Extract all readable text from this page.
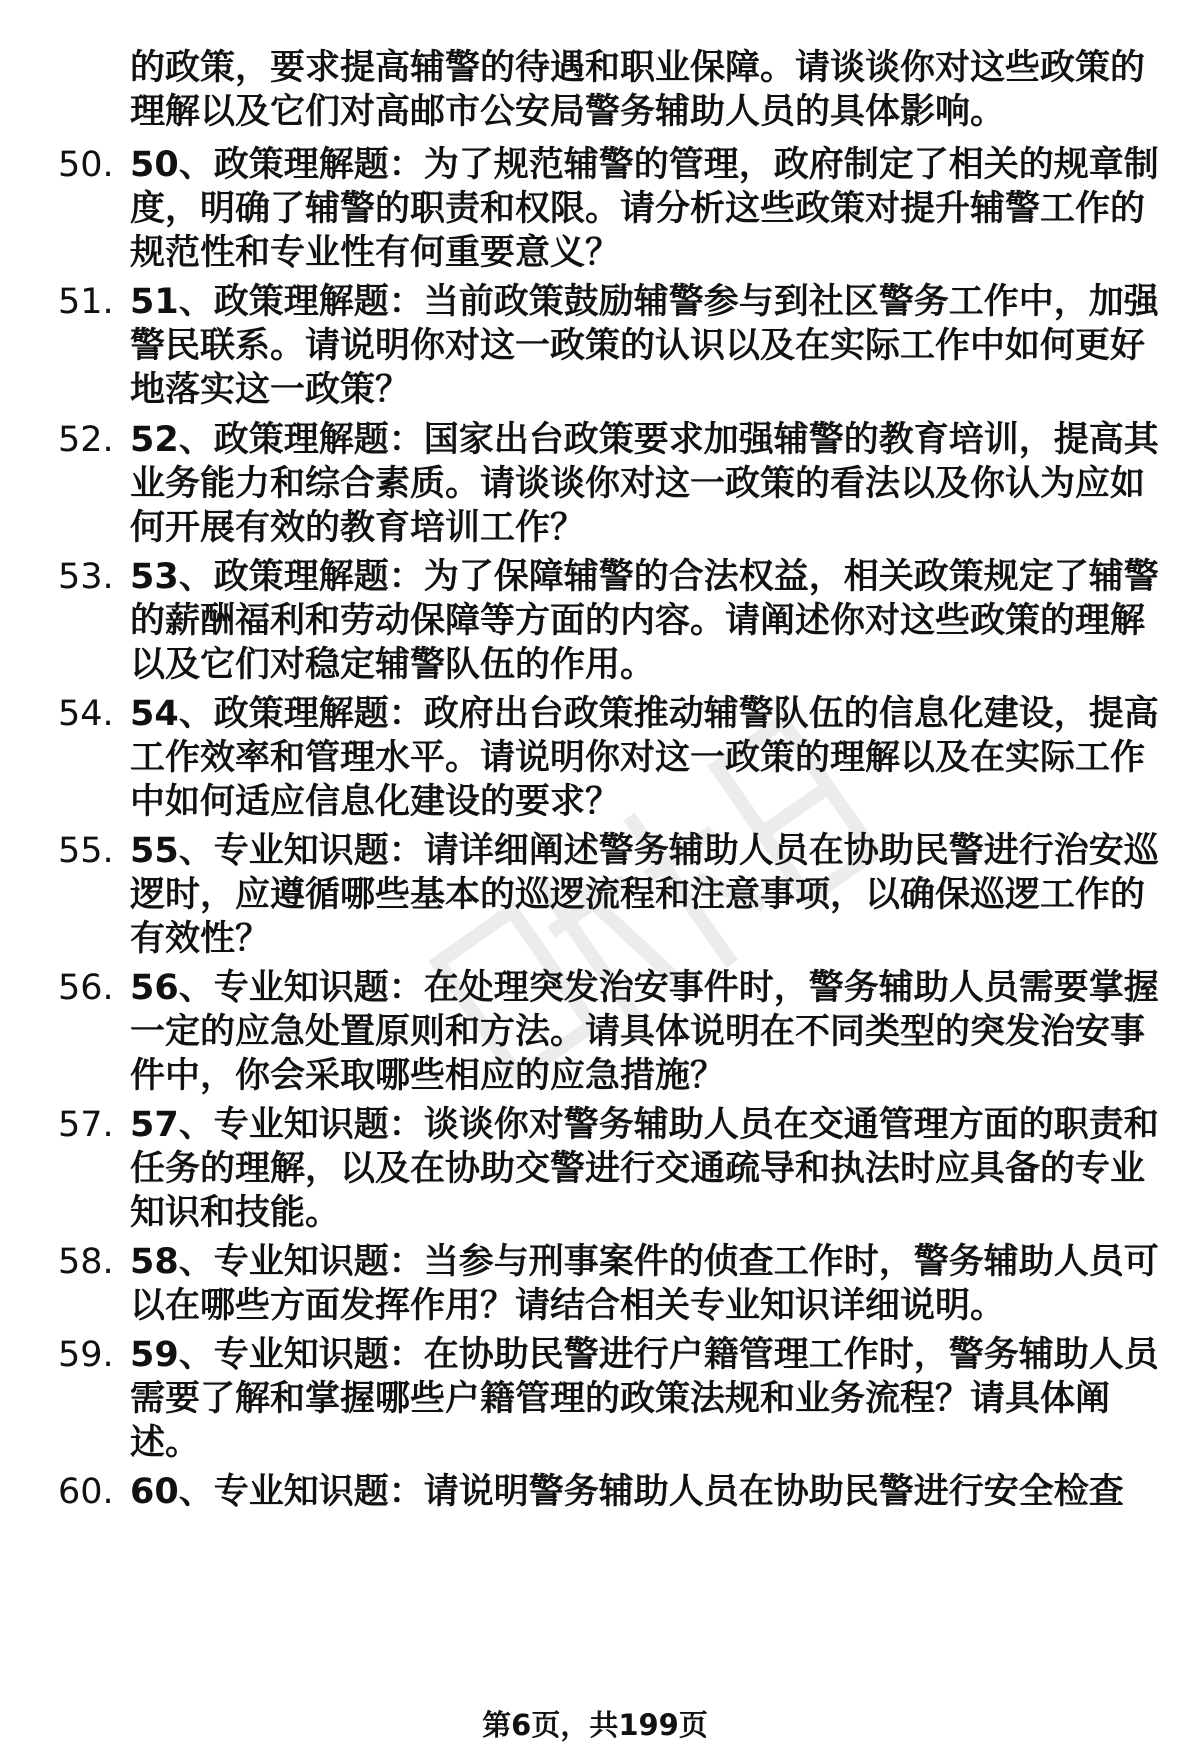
的政策，要求提高辅警的待遇和职业保障。请谈谈你对这些政策的理解以及它们对高邮市公安局警务辅助人员的具体影响。
50. 50、政策理解题：为了规范辅警的管理，政府制定了相关的规章制度，明确了辅警的职责和权限。请分析这些政策对提升辅警工作的规范性和专业性有何重要意义？
51. 51、政策理解题：当前政策鼓励辅警参与到社区警务工作中，加强警民联系。请说明你对这一政策的认识以及在实际工作中如何更好地落实这一政策？
52. 52、政策理解题：国家出台政策要求加强辅警的教育培训，提高其业务能力和综合素质。请谈谈你对这一政策的看法以及你认为应如何开展有效的教育培训工作？
53. 53、政策理解题：为了保障辅警的合法权益，相关政策规定了辅警的薪酬福利和劳动保障等方面的内容。请阐述你对这些政策的理解以及它们对稳定辅警队伍的作用。
54. 54、政策理解题：政府出台政策推动辅警队伍的信息化建设，提高工作效率和管理水平。请说明你对这一政策的理解以及在实际工作中如何适应信息化建设的要求？
55. 55、专业知识题：请详细阐述警务辅助人员在协助民警进行治安巡逻时，应遵循哪些基本的巡逻流程和注意事项，以确保巡逻工作的有效性？
56. 56、专业知识题：在处理突发治安事件时，警务辅助人员需要掌握一定的应急处置原则和方法。请具体说明在不同类型的突发治安事件中，你会采取哪些相应的应急措施？
57. 57、专业知识题：谈谈你对警务辅助人员在交通管理方面的职责和任务的理解，以及在协助交警进行交通疏导和执法时应具备的专业知识和技能。
58. 58、专业知识题：当参与刑事案件的侦查工作时，警务辅助人员可以在哪些方面发挥作用？请结合相关专业知识详细说明。
59. 59、专业知识题：在协助民警进行户籍管理工作时，警务辅助人员需要了解和掌握哪些户籍管理的政策法规和业务流程？请具体阐述。
60. 60、专业知识题：请说明警务辅助人员在协助民警进行安全检查
第6页，共199页
